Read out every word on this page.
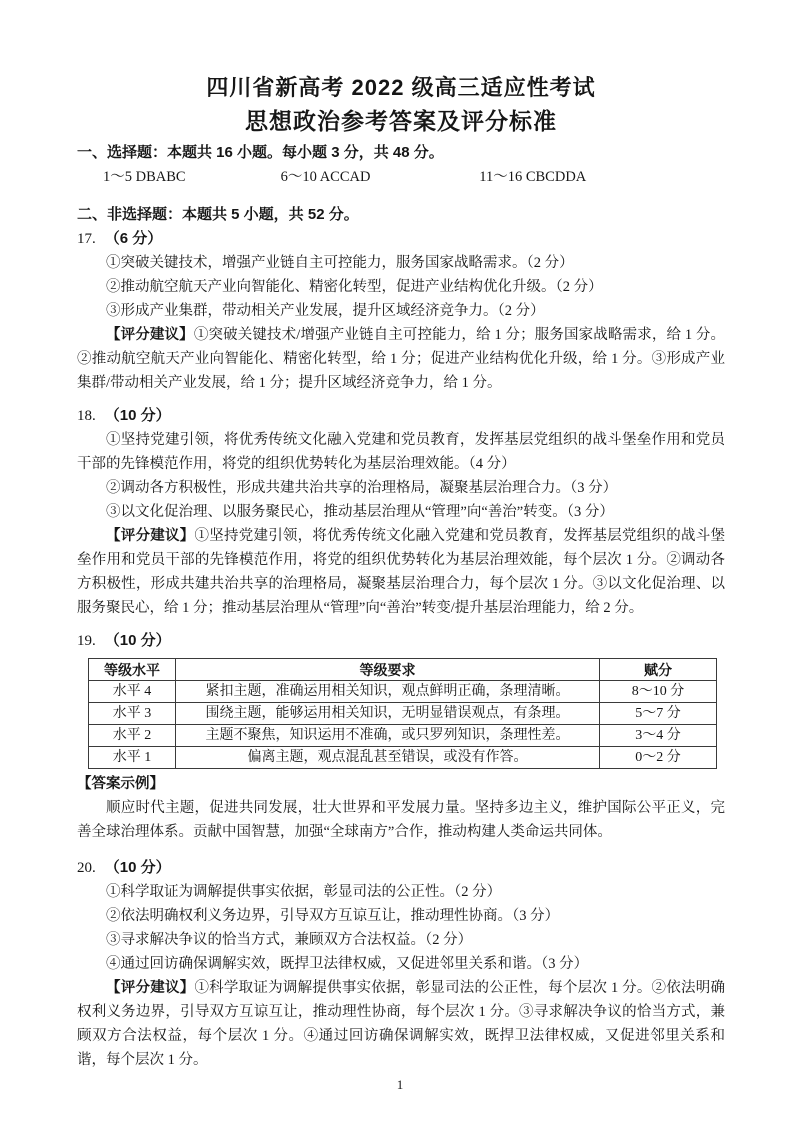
四川省新高考 2022 级高三适应性考试
思想政治参考答案及评分标准
一、选择题：本题共 16 小题。每小题 3 分，共 48 分。
1～5 DBABC	6～10 ACCAD	11～16 CBCDDA
二、非选择题：本题共 5 小题，共 52 分。

17. （6 分）

①突破关键技术，增强产业链自主可控能力，服务国家战略需求。（2 分）

②推动航空航天产业向智能化、精密化转型，促进产业结构优化升级。（2 分）

③形成产业集群，带动相关产业发展，提升区域经济竞争力。（2 分）

【评分建议】①突破关键技术/增强产业链自主可控能力，给 1 分；服务国家战略需求，给 1 分。②推动航空航天产业向智能化、精密化转型，给 1 分；促进产业结构优化升级，给 1 分。③形成产业集群/带动相关产业发展，给 1 分；提升区域经济竞争力，给 1 分。

18. （10 分）

①坚持党建引领，将优秀传统文化融入党建和党员教育，发挥基层党组织的战斗堡垒作用和党员干部的先锋模范作用，将党的组织优势转化为基层治理效能。（4 分）

②调动各方积极性，形成共建共治共享的治理格局，凝聚基层治理合力。（3 分）

③以文化促治理、以服务聚民心，推动基层治理从“管理”向“善治”转变。（3 分）

【评分建议】①坚持党建引领，将优秀传统文化融入党建和党员教育，发挥基层党组织的战斗堡垒作用和党员干部的先锋模范作用，将党的组织优势转化为基层治理效能，每个层次 1 分。②调动各方积极性，形成共建共治共享的治理格局，凝聚基层治理合力，每个层次 1 分。③以文化促治理、以服务聚民心，给 1 分；推动基层治理从“管理”向“善治”转变/提升基层治理能力，给 2 分。

19. （10 分）

等级水平	等级要求	赋分
水平 4	紧扣主题，准确运用相关知识，观点鲜明正确，条理清晰。	8～10 分
水平 3	围绕主题，能够运用相关知识，无明显错误观点，有条理。	5～7 分
水平 2	主题不聚焦，知识运用不准确，或只罗列知识，条理性差。	3～4 分
水平 1	偏离主题，观点混乱甚至错误，或没有作答。	0～2 分
【答案示例】

顺应时代主题，促进共同发展，壮大世界和平发展力量。坚持多边主义，维护国际公平正义，完善全球治理体系。贡献中国智慧，加强“全球南方”合作，推动构建人类命运共同体。

20. （10 分）

①科学取证为调解提供事实依据，彰显司法的公正性。（2 分）

②依法明确权利义务边界，引导双方互谅互让，推动理性协商。（3 分）

③寻求解决争议的恰当方式，兼顾双方合法权益。（2 分）

④通过回访确保调解实效，既捍卫法律权威，又促进邻里关系和谐。（3 分）

【评分建议】①科学取证为调解提供事实依据，彰显司法的公正性，每个层次 1 分。②依法明确权利义务边界，引导双方互谅互让，推动理性协商，每个层次 1 分。③寻求解决争议的恰当方式，兼顾双方合法权益，每个层次 1 分。④通过回访确保调解实效，既捍卫法律权威，又促进邻里关系和谐，每个层次 1 分。

1
